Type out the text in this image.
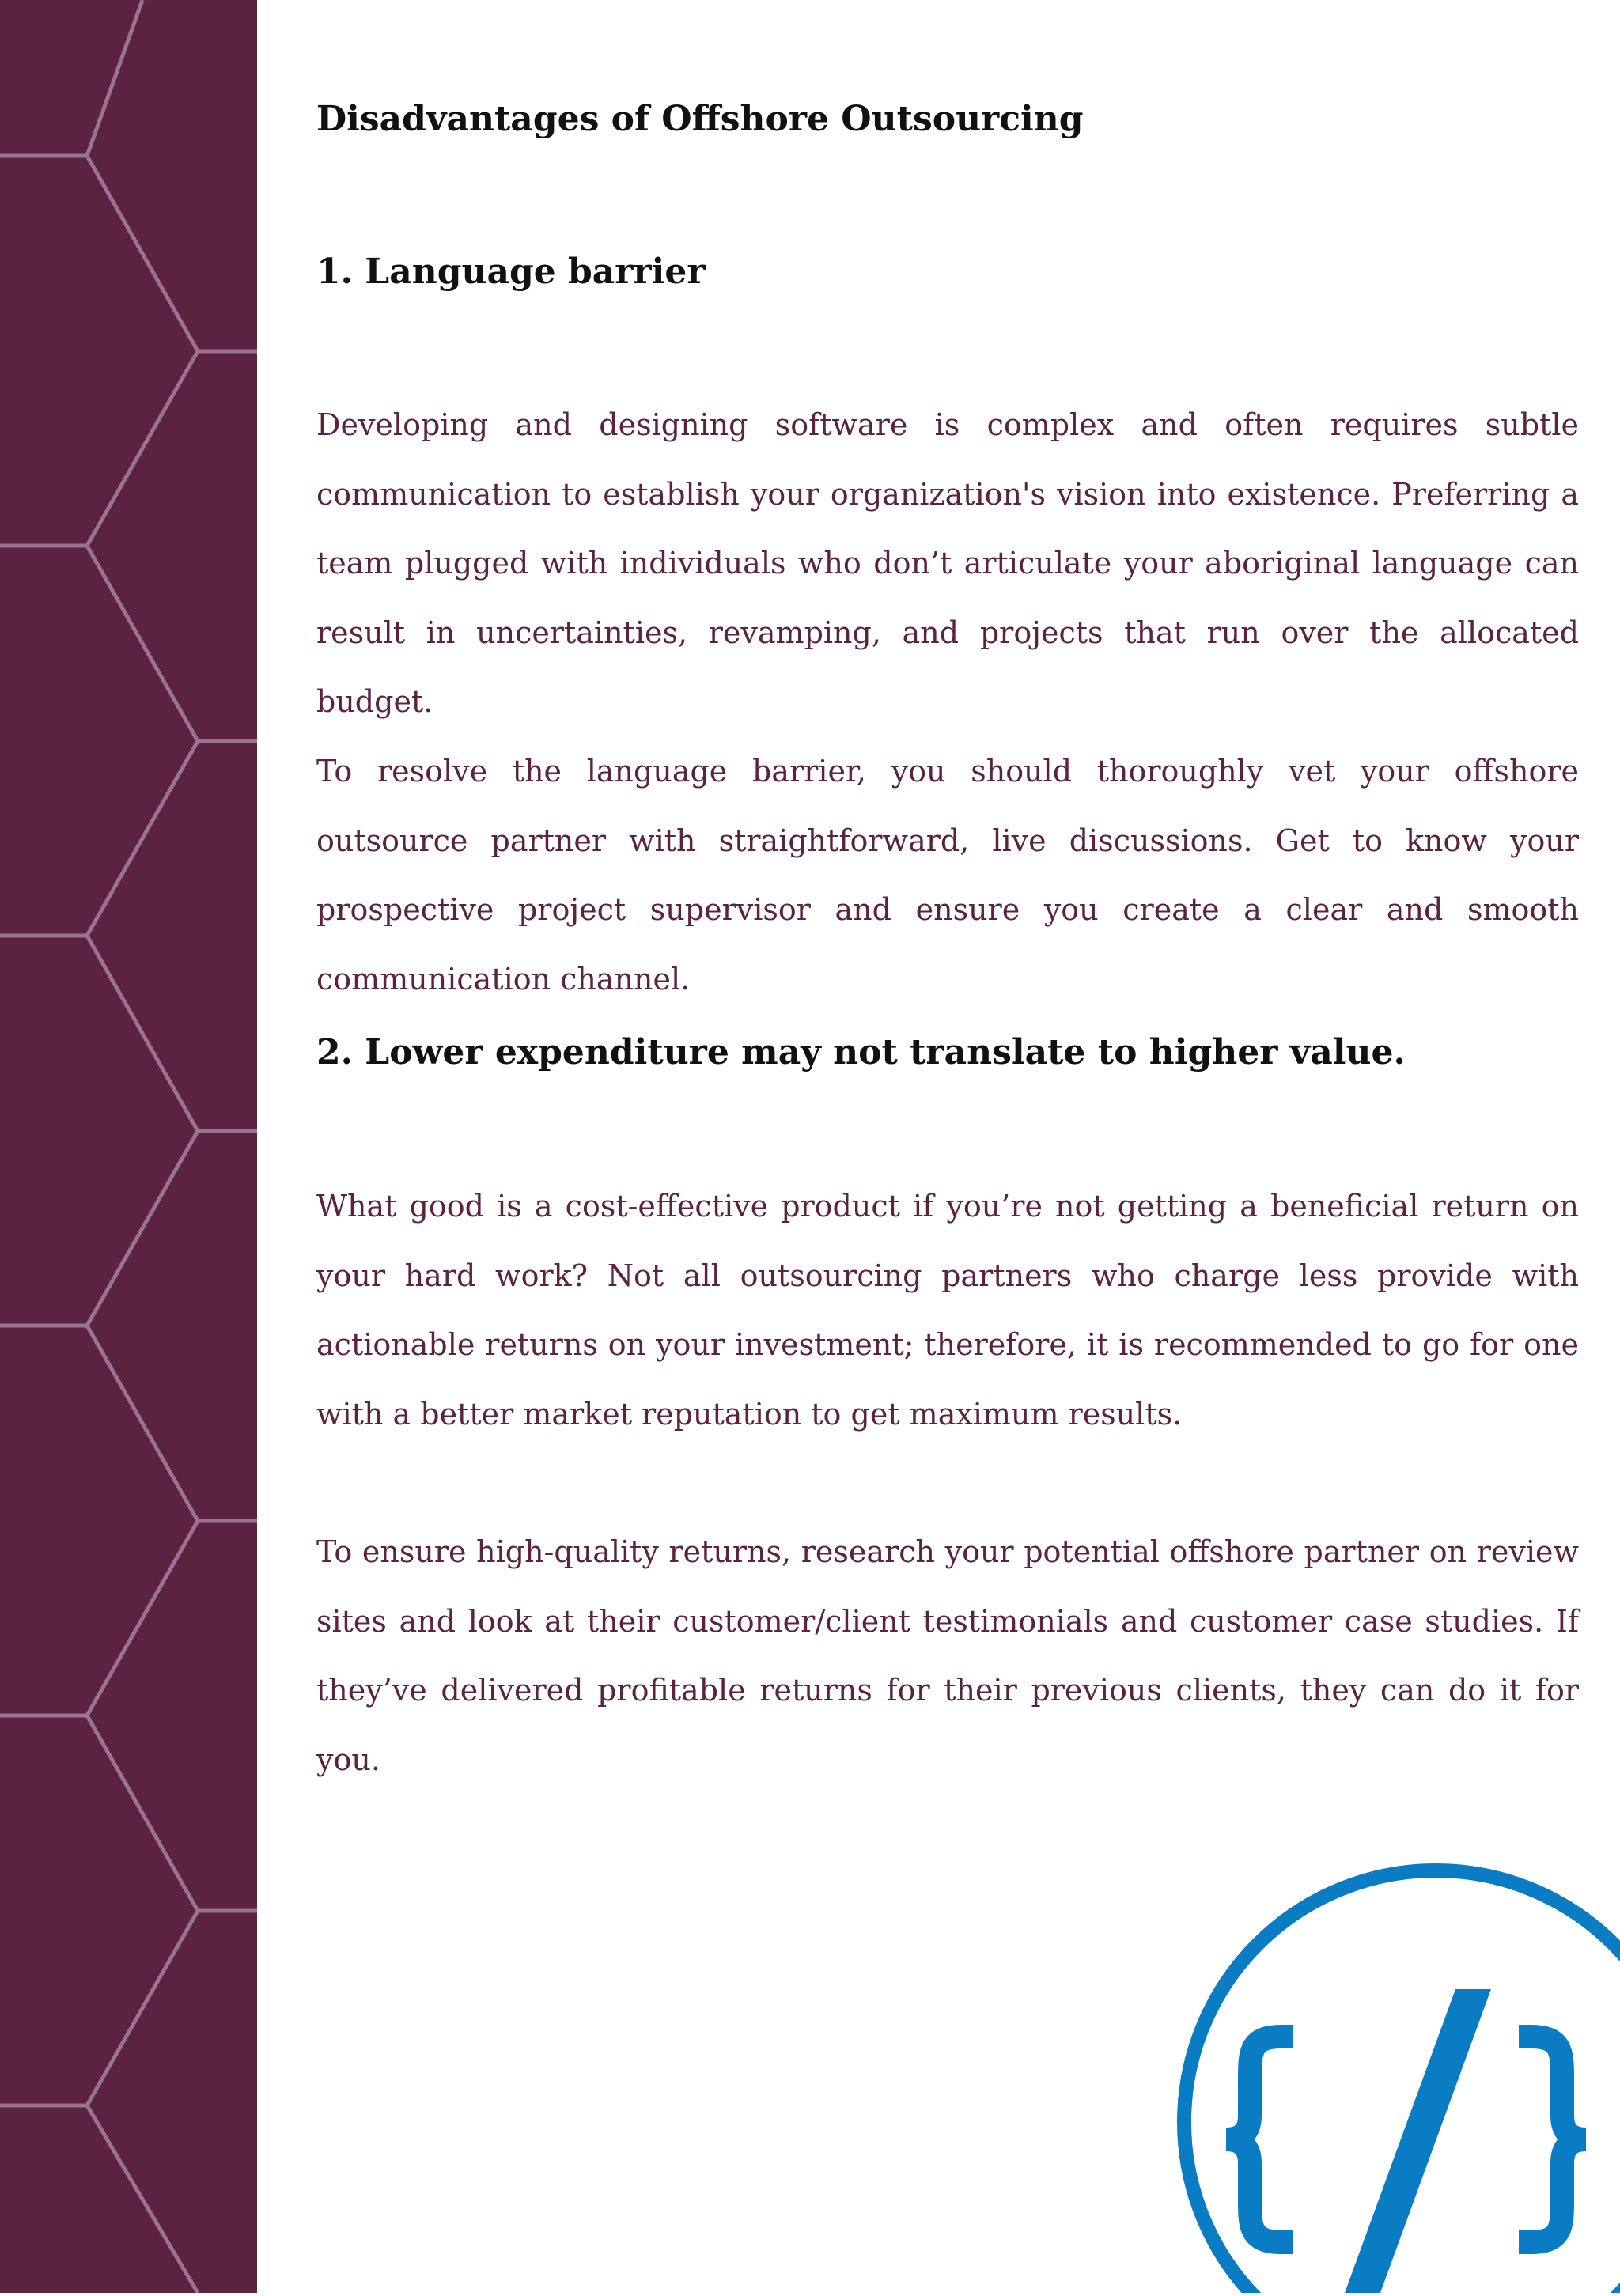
Disadvantages of Offshore Outsourcing
1. Language barrier

Developing and designing software is complex and often requires subtle communication to establish your organization's vision into existence. Preferring a team plugged with individuals who don’t articulate your aboriginal language can result in uncertainties, revamping, and projects that run over the allocated budget.

To resolve the language barrier, you should thoroughly vet your offshore outsource partner with straightforward, live discussions. Get to know your prospective project supervisor and ensure you create a clear and smooth communication channel.

2. Lower expenditure may not translate to higher value.

What good is a cost-effective product if you’re not getting a beneficial return on your hard work? Not all outsourcing partners who charge less provide with actionable returns on your investment; therefore, it is recommended to go for one with a better market reputation to get maximum results.

To ensure high-quality returns, research your potential offshore partner on review sites and look at their customer/client testimonials and customer case studies. If they’ve delivered profitable returns for their previous clients, they can do it for you.
